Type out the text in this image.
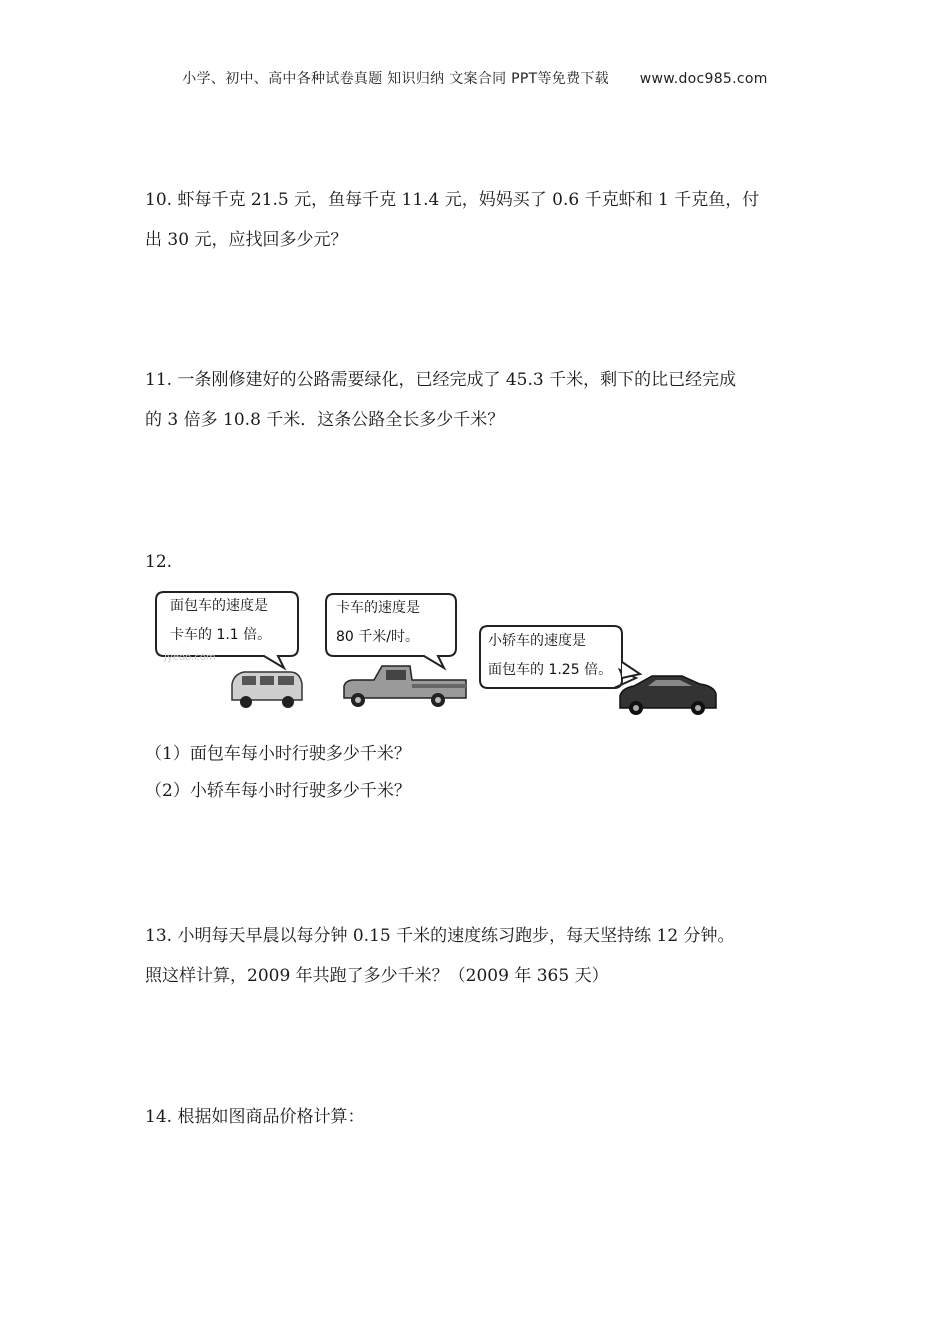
小学、初中、高中各种试卷真题 知识归纳 文案合同 PPT等免费下载 www.doc985.com

10. 虾每千克 21.5 元，鱼每千克 11.4 元，妈妈买了 0.6 千克虾和 1 千克鱼，付

出 30 元，应找回多少元？

11. 一条刚修建好的公路需要绿化，已经完成了 45.3 千米，剩下的比已经完成

的 3 倍多 10.8 千米．这条公路全长多少千米？

12.

面包车的速度是
卡车的 1.1 倍。
卡车的速度是
80 千米/时。	小轿车的速度是
面包车的 1.25 倍。
Jyeoo.com

（1）面包车每小时行驶多少千米？

（2）小轿车每小时行驶多少千米？

13. 小明每天早晨以每分钟 0.15 千米的速度练习跑步，每天坚持练 12 分钟。

照这样计算，2009 年共跑了多少千米？（2009 年 365 天）

14. 根据如图商品价格计算：
